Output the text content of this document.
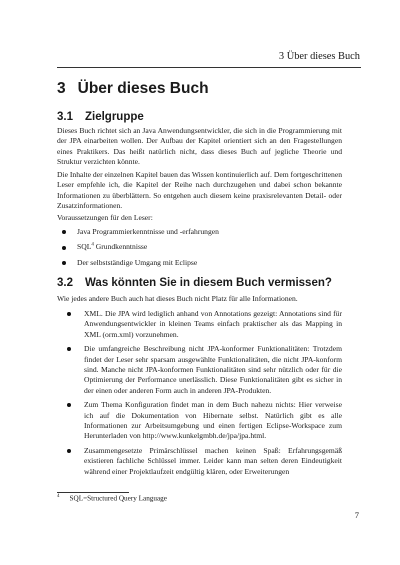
3 Über dieses Buch
3 Über dieses Buch
3.1 Zielgruppe

Dieses Buch richtet sich an Java Anwendungsentwickler, die sich in die Programmierung mit der JPA einarbeiten wollen. Der Aufbau der Kapitel orientiert sich an den Fragestellungen eines Praktikers. Das heißt natürlich nicht, dass dieses Buch auf jegliche Theorie und Struktur verzichten könnte.

Die Inhalte der einzelnen Kapitel bauen das Wissen kontinuierlich auf. Dem fortgeschrittenen Leser empfehle ich, die Kapitel der Reihe nach durchzugehen und dabei schon bekannte Informationen zu überblättern. So entgehen auch diesem keine praxisrelevanten Detail- oder Zusatzinformationen.

Voraussetzungen für den Leser:

Java Programmierkenntnisse und -erfahrungen
SQL$^4$ Grundkenntnisse
Der selbstständige Umgang mit Eclipse
3.2 Was könnten Sie in diesem Buch vermissen?

Wie jedes andere Buch auch hat dieses Buch nicht Platz für alle Informationen.

XML. Die JPA wird lediglich anhand von Annotations gezeigt: Annotations sind für Anwendungsentwickler in kleinen Teams einfach praktischer als das Mapping in XML (orm.xml) vorzunehmen.
Die umfangreiche Beschreibung nicht JPA-konformer Funktionalitäten: Trotzdem findet der Leser sehr sparsam ausgewählte Funktionalitäten, die nicht JPA-konform sind. Manche nicht JPA-konformen Funktionalitäten sind sehr nützlich oder für die Optimierung der Performance unerlässlich. Diese Funktionalitäten gibt es sicher in der einen oder anderen Form auch in anderen JPA-Produkten.
Zum Thema Konfiguration findet man in dem Buch nahezu nichts: Hier verweise ich auf die Dokumentation von Hibernate selbst. Natürlich gibt es alle Informationen zur Arbeitsumgebung und einen fertigen Eclipse-Workspace zum Herunterladen von http://www.kunkelgmbh.de/jpa/jpa.html.
Zusammengesetzte Primärschlüssel machen keinen Spaß: Erfahrungsgemäß existieren fachliche Schlüssel immer. Leider kann man selten deren Eindeutigkeit während einer Projektlaufzeit endgültig klären, oder Erweiterungen
$^4$ SQL=Structured Query Language
7
